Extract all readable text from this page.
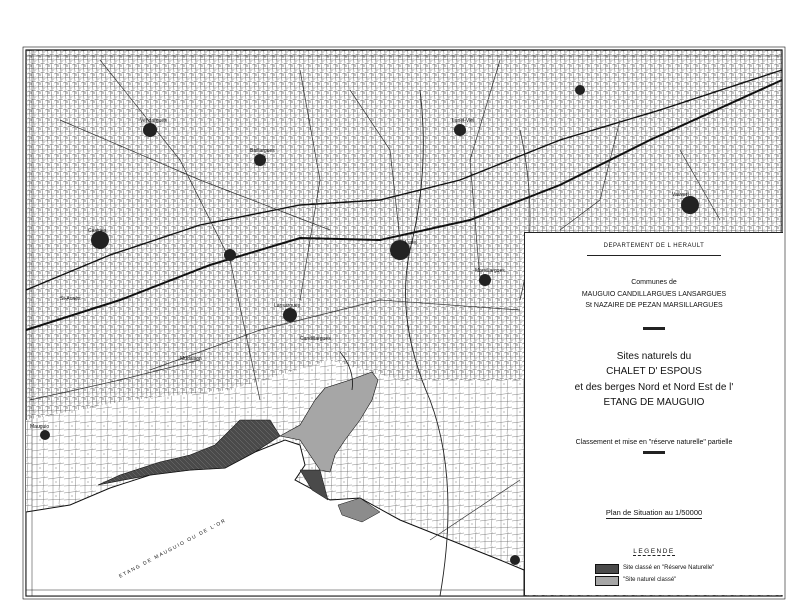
Castries
Vendargues
Baillargues
Lansargues
Mauguio
Candillargues
Lunel
Marsillargues
Lunel-Viel
Vauvert
Mudaison
St-Aunès
ETANG DE MAUGUIO OU DE L'OR
DEPARTEMENT DE L HERAULT
Communes de
MAUGUIO CANDILLARGUES LANSARGUES
St NAZAIRE DE PEZAN MARSILLARGUES
Sites naturels du
CHALET D' ESPOUS
et des berges Nord et Nord Est de l'
ETANG DE MAUGUIO
Classement et mise en "réserve naturelle" partielle
Plan de Situation au 1/50000
LEGENDE
Site classé en "Réserve Naturelle"
"Site naturel classé"
